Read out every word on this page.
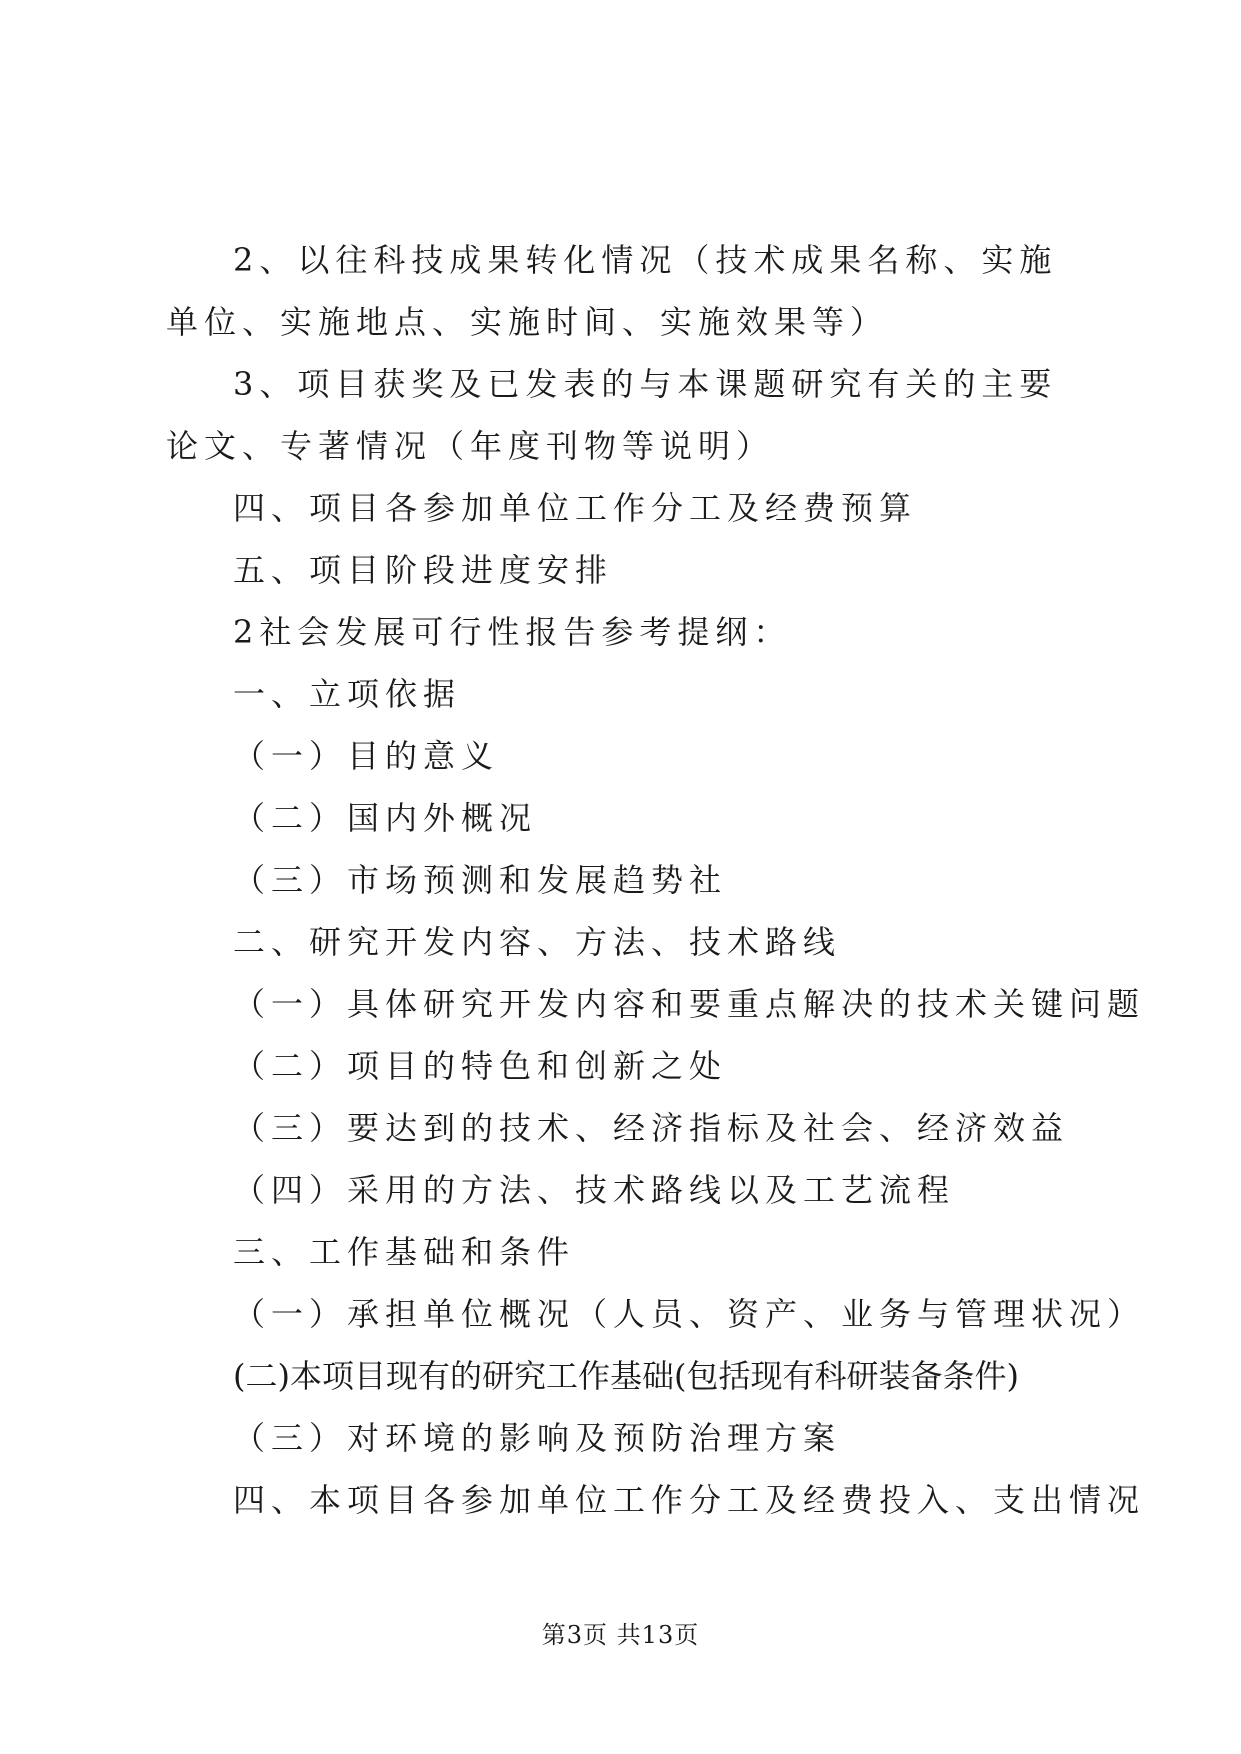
2、以往科技成果转化情况（技术成果名称、实施单位、实施地点、实施时间、实施效果等）

3、项目获奖及已发表的与本课题研究有关的主要论文、专著情况（年度刊物等说明）

四、项目各参加单位工作分工及经费预算

五、项目阶段进度安排

2社会发展可行性报告参考提纲：

一、立项依据

（一）目的意义

（二）国内外概况

（三）市场预测和发展趋势社

二、研究开发内容、方法、技术路线

（一）具体研究开发内容和要重点解决的技术关键问题

（二）项目的特色和创新之处

（三）要达到的技术、经济指标及社会、经济效益

（四）采用的方法、技术路线以及工艺流程

三、工作基础和条件

（一）承担单位概况（人员、资产、业务与管理状况）

(二)本项目现有的研究工作基础(包括现有科研装备条件)

（三）对环境的影响及预防治理方案

四、本项目各参加单位工作分工及经费投入、支出情况

第3页 共13页
